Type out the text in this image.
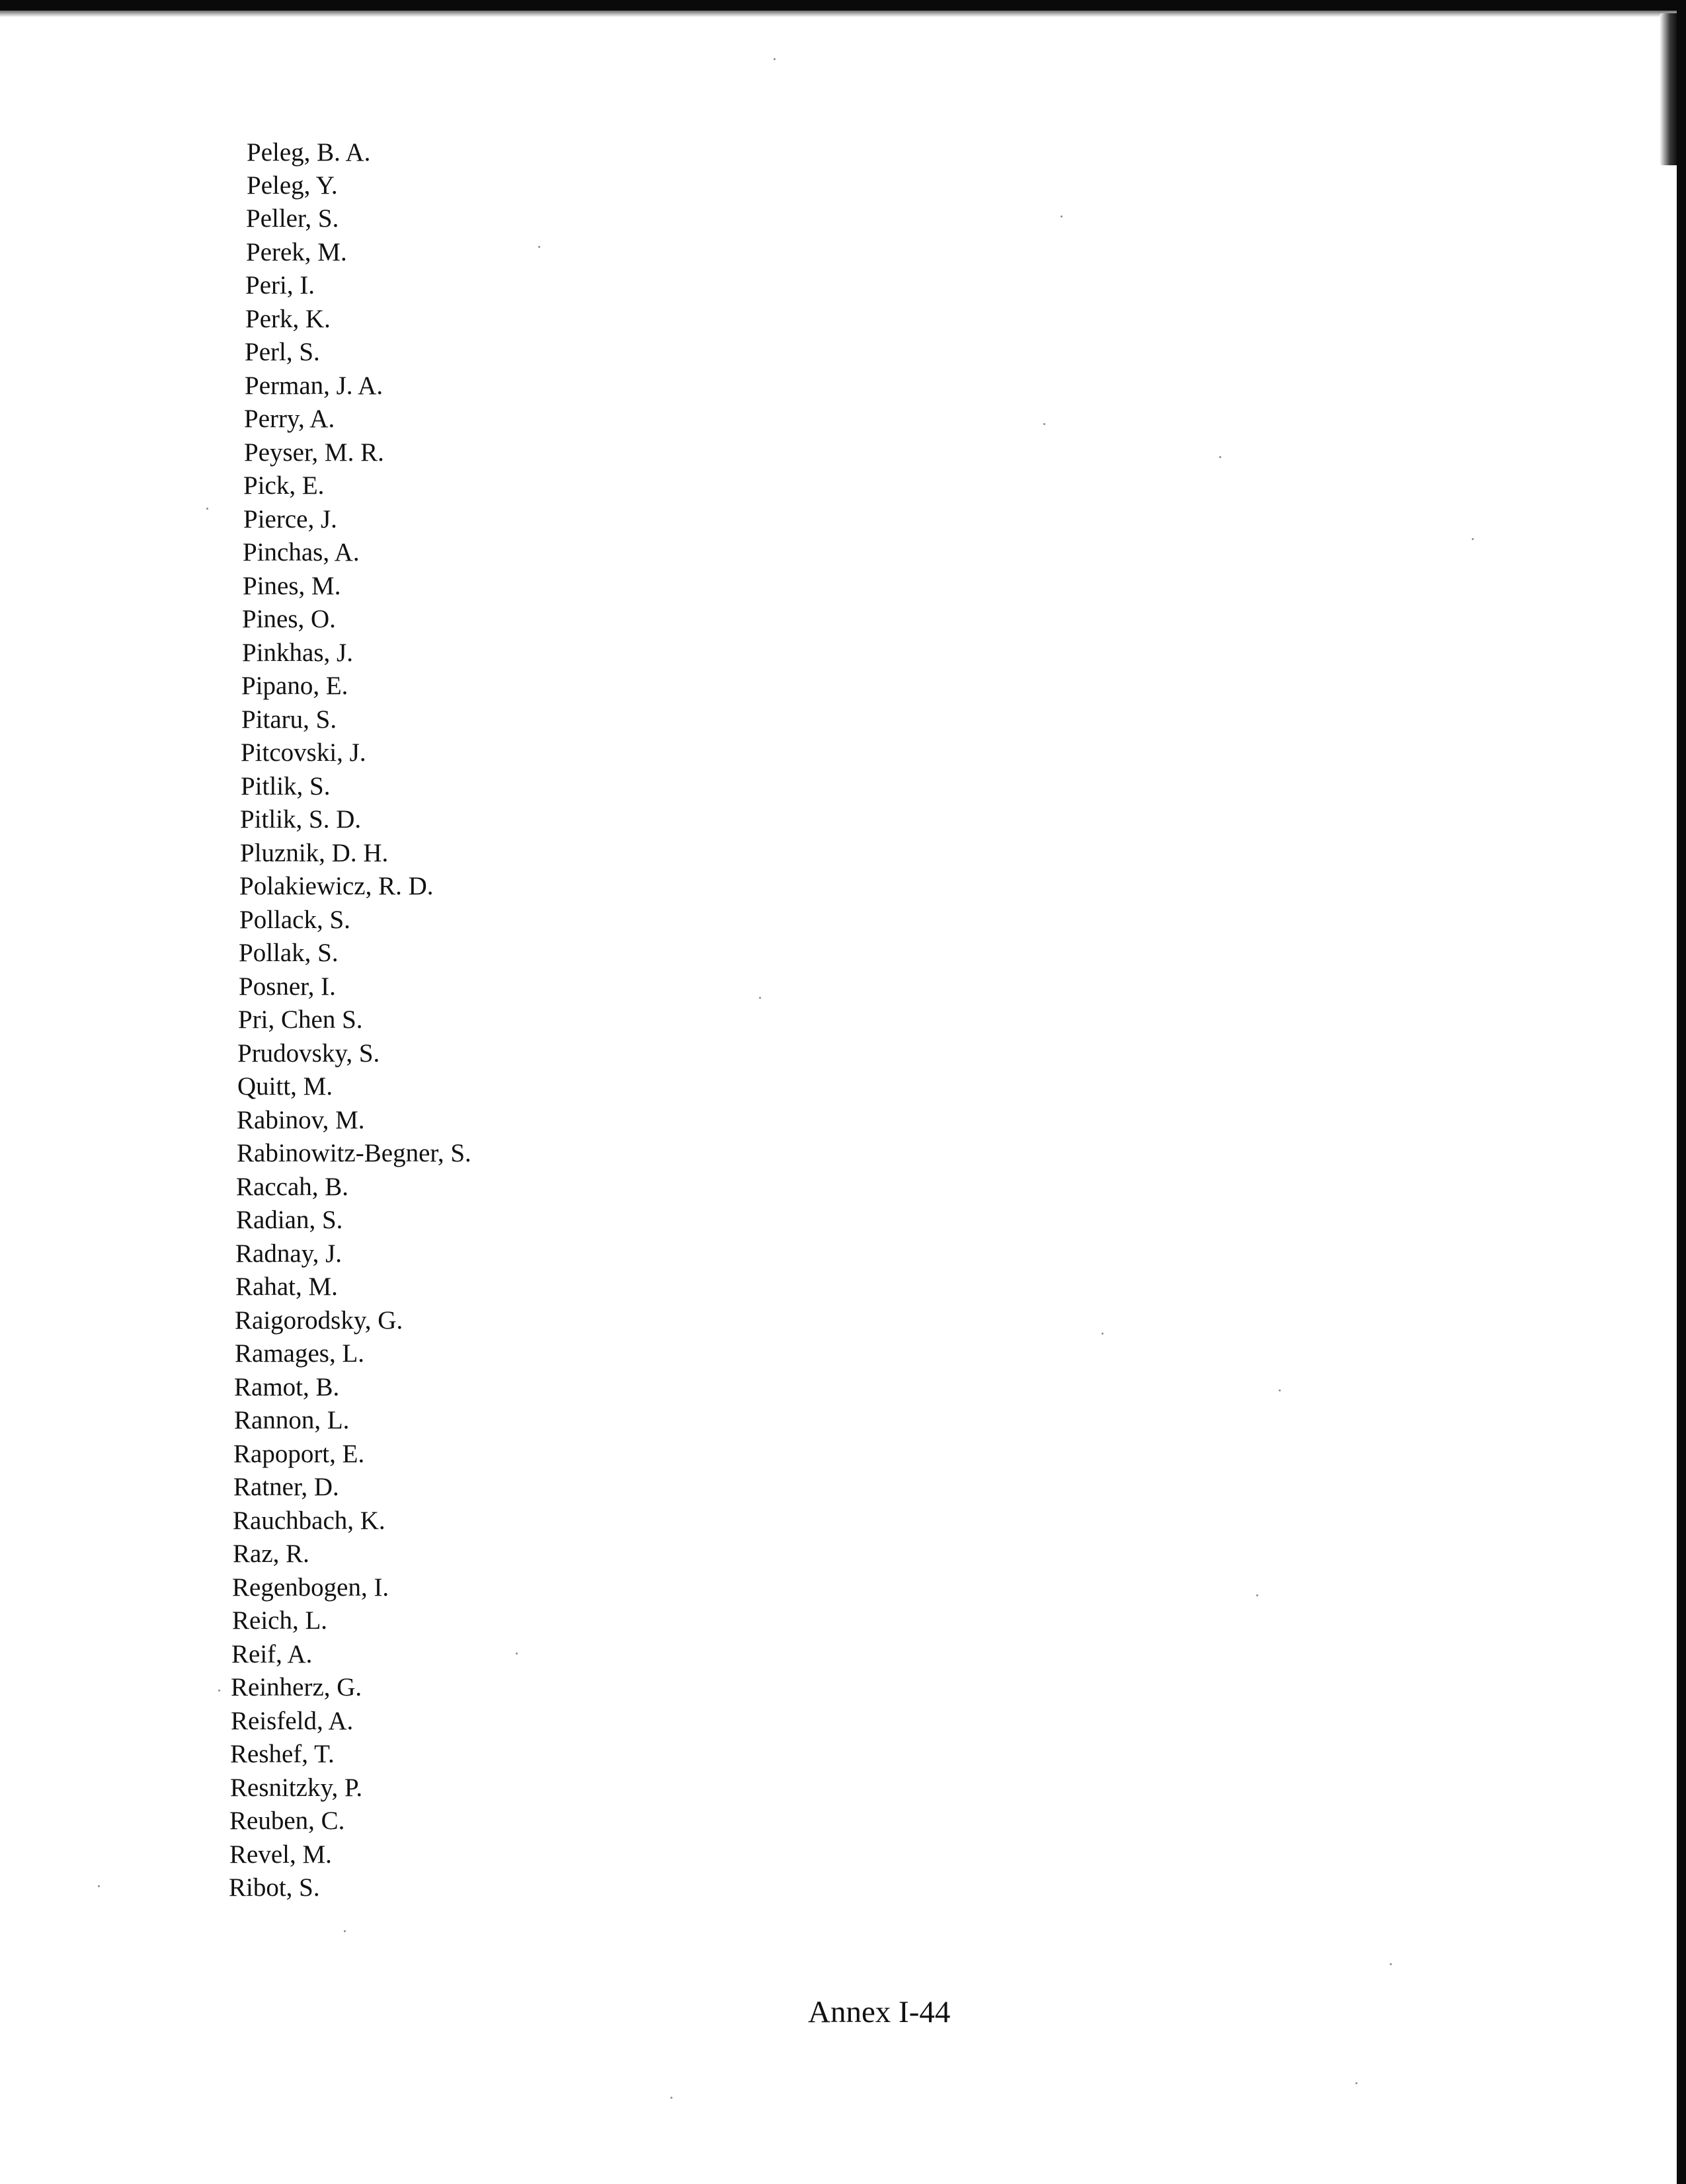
Peleg, B. A.
Peleg, Y.
Peller, S.
Perek, M.
Peri, I.
Perk, K.
Perl, S.
Perman, J. A.
Perry, A.
Peyser, M. R.
Pick, E.
Pierce, J.
Pinchas, A.
Pines, M.
Pines, O.
Pinkhas, J.
Pipano, E.
Pitaru, S.
Pitcovski, J.
Pitlik, S.
Pitlik, S. D.
Pluznik, D. H.
Polakiewicz, R. D.
Pollack, S.
Pollak, S.
Posner, I.
Pri, Chen S.
Prudovsky, S.
Quitt, M.
Rabinov, M.
Rabinowitz-Begner, S.
Raccah, B.
Radian, S.
Radnay, J.
Rahat, M.
Raigorodsky, G.
Ramages, L.
Ramot, B.
Rannon, L.
Rapoport, E.
Ratner, D.
Rauchbach, K.
Raz, R.
Regenbogen, I.
Reich, L.
Reif, A.
Reinherz, G.
Reisfeld, A.
Reshef, T.
Resnitzky, P.
Reuben, C.
Revel, M.
Ribot, S.
Annex I-44
